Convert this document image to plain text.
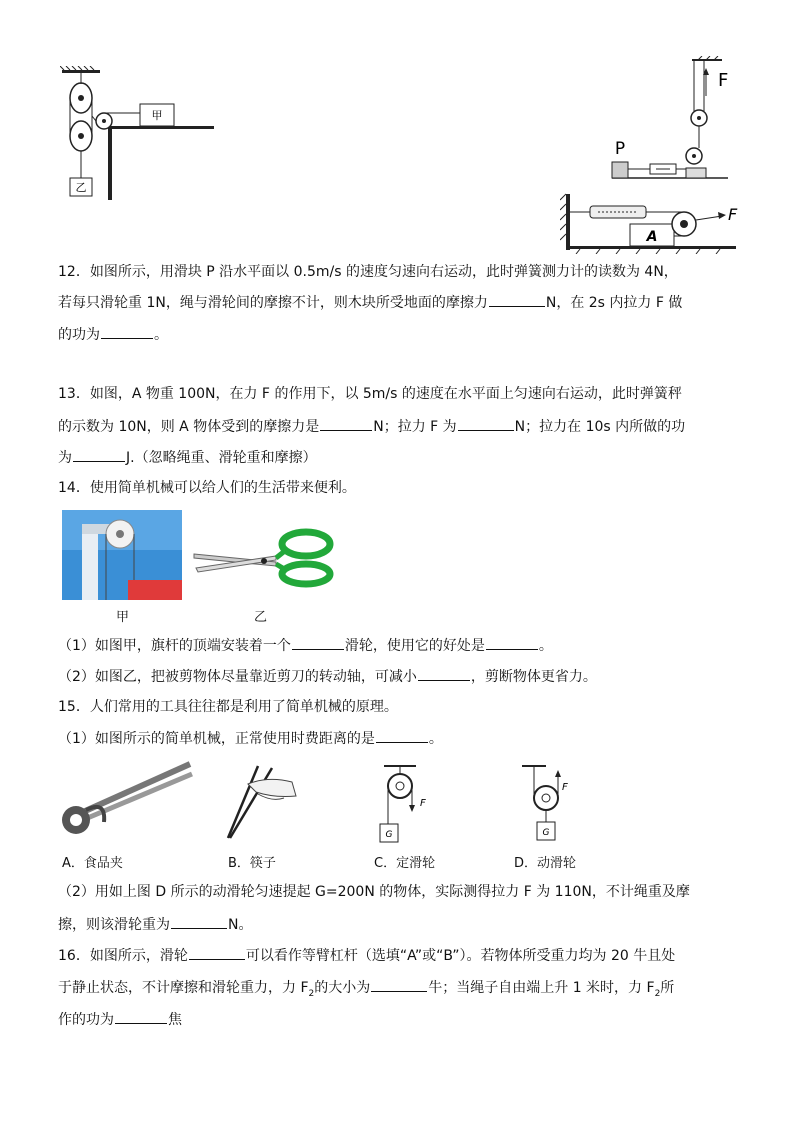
乙
甲
F
P
A
F
12．如图所示，用滑块 P 沿水平面以 0.5m/s 的速度匀速向右运动，此时弹簧测力计的读数为 4N，
若每只滑轮重 1N，绳与滑轮间的摩擦不计，则木块所受地面的摩擦力	N，在 2s 内拉力 F 做
的功为	。
13．如图，A 物重 100N，在力 F 的作用下，以 5m/s 的速度在水平面上匀速向右运动，此时弹簧秤
的示数为 10N，则 A 物体受到的摩擦力是	N；拉力 F 为	N；拉力在 10s 内所做的功
为	J.（忽略绳重、滑轮重和摩擦）
14．使用简单机械可以给人们的生活带来便利。
甲	乙
（1）如图甲，旗杆的顶端安装着一个	滑轮，使用它的好处是	。
（2）如图乙，把被剪物体尽量靠近剪刀的转动轴，可减小	，剪断物体更省力。
15．人们常用的工具往往都是利用了简单机械的原理。
（1）如图所示的简单机械，正常使用时费距离的是	。
F
G
F
G
A．食品夹	B．筷子	C．定滑轮	D．动滑轮
（2）用如上图 D 所示的动滑轮匀速提起 G=200N 的物体，实际测得拉力 F 为 110N，不计绳重及摩
擦，则该滑轮重为	N。
16．如图所示，滑轮	可以看作等臂杠杆（选填“A”或“B”）。若物体所受重力均为 20 牛且处
于静止状态，不计摩擦和滑轮重力，力 $F_2$的大小为	牛；当绳子自由端上升 1 米时，力 $F_2$所
作的功为	焦
